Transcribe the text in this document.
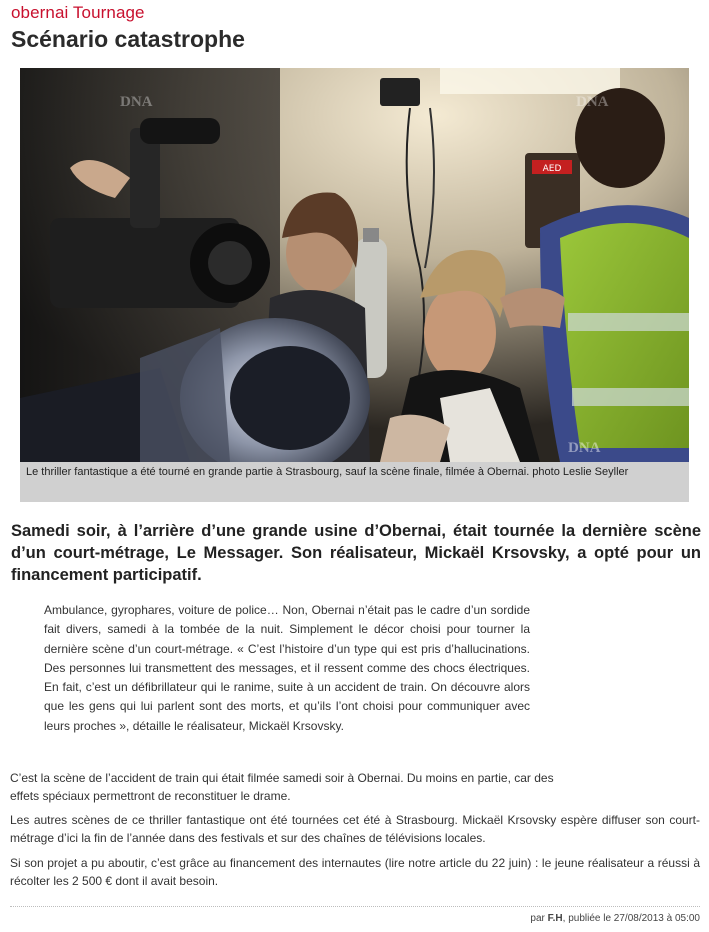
obernai Tournage
Scénario catastrophe
AED
DNA	DNA
DNA
Le thriller fantastique a été tourné en grande partie à Strasbourg, sauf la scène finale, filmée à Obernai. photo Leslie Seyller

Samedi soir, à l’arrière d’une grande usine d’Obernai, était tournée la dernière scène d’un court-métrage, Le Messager. Son réalisateur, Mickaël Krsovsky, a opté pour un financement participatif.

Ambulance, gyrophares, voiture de police… Non, Obernai n’était pas le cadre d’un sordide fait divers, samedi à la tombée de la nuit. Simplement le décor choisi pour tourner la dernière scène d’un court-métrage. « C’est l’histoire d’un type qui est pris d’hallucinations. Des personnes lui transmettent des messages, et il ressent comme des chocs électriques. En fait, c’est un défibrillateur qui le ranime, suite à un accident de train. On découvre alors que les gens qui lui parlent sont des morts, et qu’ils l’ont choisi pour communiquer avec leurs proches », détaille le réalisateur, Mickaël Krsovsky.

C’est la scène de l’accident de train qui était filmée samedi soir à Obernai. Du moins en partie, car des effets spéciaux permettront de reconstituer le drame.

Les autres scènes de ce thriller fantastique ont été tournées cet été à Strasbourg. Mickaël Krsovsky espère diffuser son court-métrage d’ici la fin de l’année dans des festivals et sur des chaînes de télévisions locales.

Si son projet a pu aboutir, c’est grâce au financement des internautes (lire notre article du 22 juin) : le jeune réalisateur a réussi à récolter les 2 500 € dont il avait besoin.

par F.H, publiée le 27/08/2013 à 05:00
